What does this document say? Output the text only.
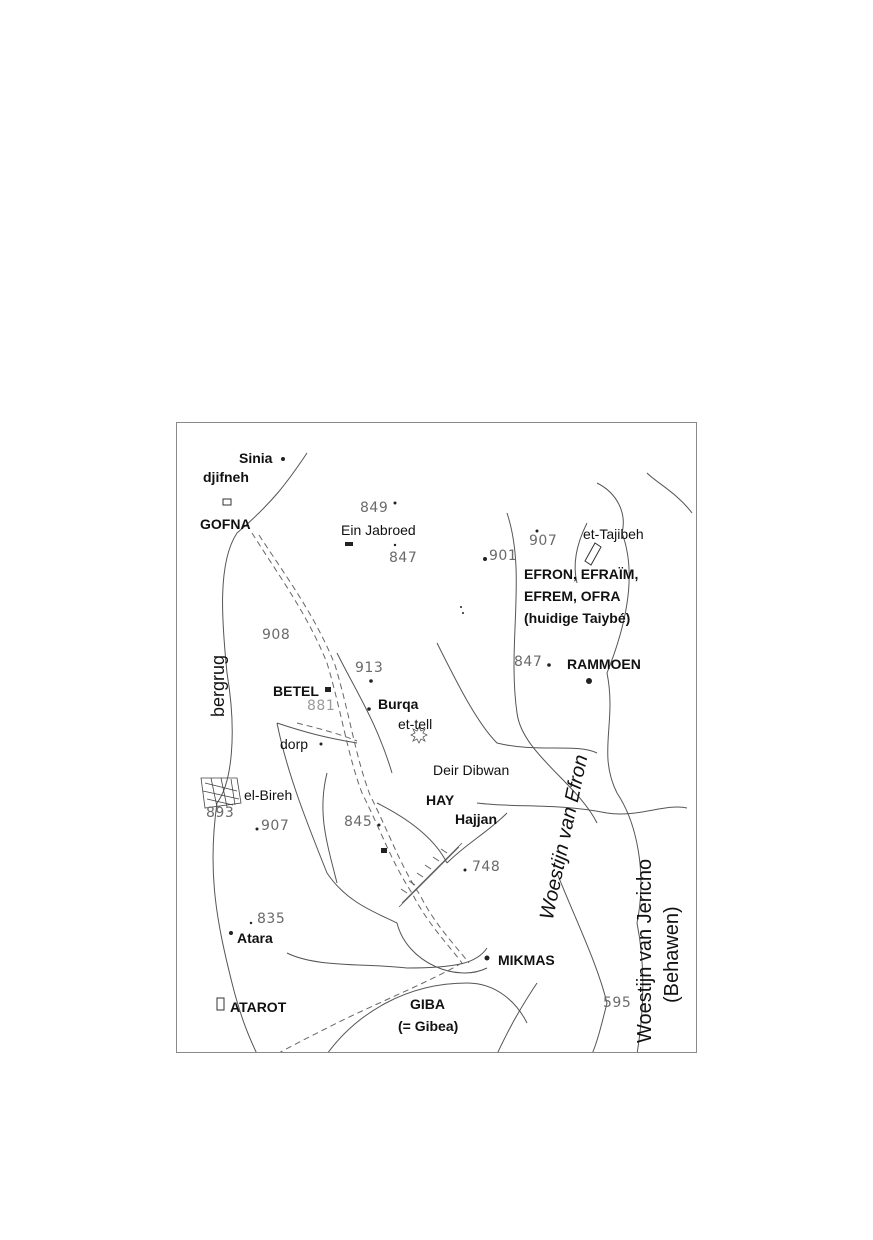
Sinia
djifneh
GOFNA
EFRON, EFRAÏM,
EFREM, OFRA
(huidige Taiybé)
RAMMOEN
BETEL
Burqa
HAY
Hajjan
Atara
MIKMAS
ATAROT	GIBA
(= Gibea)
Ein Jabroed	et-Tajibeh
et-tell
dorp
Deir Dibwan
el-Bireh
849
847	901
907
908
913	847
881
893
907	845
748
835
595
bergrug
Woestijn van Efron
Woestijn van Jericho (Behawen)
